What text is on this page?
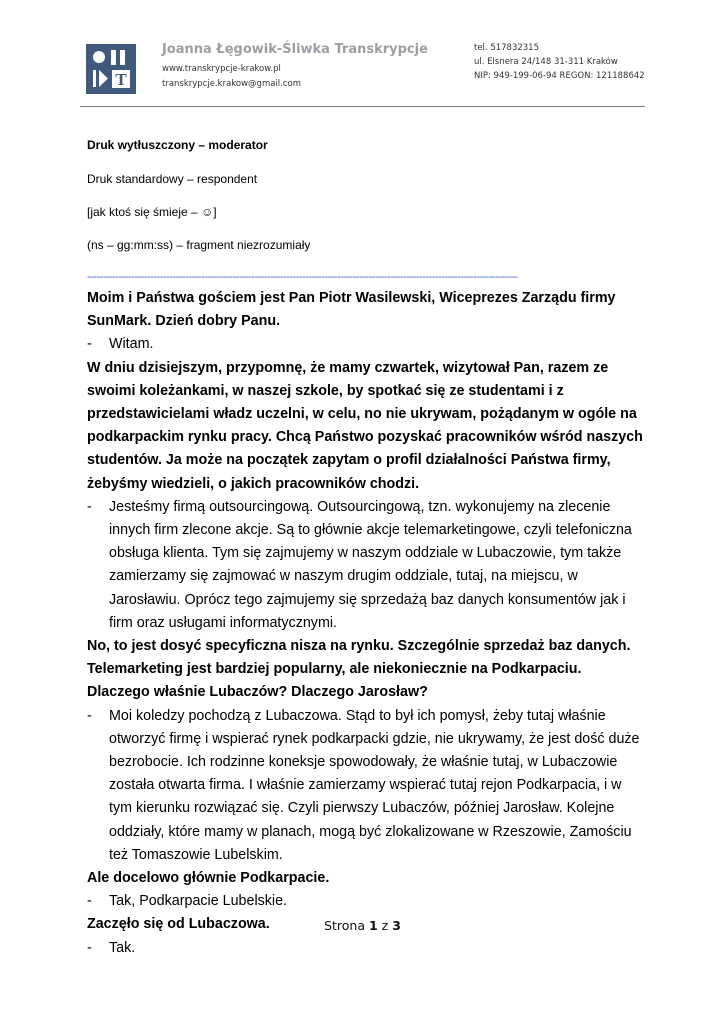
T
Joanna Łęgowik-Śliwka Transkrypcje
www.transkrypcje-krakow.pl
transkrypcje.krakow@gmail.com
tel. 517832315
ul. Elsnera 24/148 31-311 Kraków
NIP: 949-199-06-94 REGON: 121188642
Druk wytłuszczony – moderator
Druk standardowy – respondent
[jak ktoś się śmieje – ☺]
(ns – gg:mm:ss) – fragment niezrozumiały
----------------------------------------------------------------------------------------------------------------------------------------

Moim i Państwa gościem jest Pan Piotr Wasilewski, Wiceprezes Zarządu firmy SunMark. Dzień dobry Panu.

- Witam.

W dniu dzisiejszym, przypomnę, że mamy czwartek, wizytował Pan, razem ze swoimi koleżankami, w naszej szkole, by spotkać się ze studentami i z przedstawicielami władz uczelni, w celu, no nie ukrywam, pożądanym w ogóle na podkarpackim rynku pracy. Chcą Państwo pozyskać pracowników wśród naszych studentów. Ja może na początek zapytam o profil działalności Państwa firmy, żebyśmy wiedzieli, o jakich pracowników chodzi.

- Jesteśmy firmą outsourcingową. Outsourcingową, tzn. wykonujemy na zlecenie innych firm zlecone akcje. Są to głównie akcje telemarketingowe, czyli telefoniczna obsługa klienta. Tym się zajmujemy w naszym oddziale w Lubaczowie, tym także zamierzamy się zajmować w naszym drugim oddziale, tutaj, na miejscu, w Jarosławiu. Oprócz tego zajmujemy się sprzedażą baz danych konsumentów jak i firm oraz usługami informatycznymi.

No, to jest dosyć specyficzna nisza na rynku. Szczególnie sprzedaż baz danych. Telemarketing jest bardziej popularny, ale niekoniecznie na Podkarpaciu. Dlaczego właśnie Lubaczów? Dlaczego Jarosław?

- Moi koledzy pochodzą z Lubaczowa. Stąd to był ich pomysł, żeby tutaj właśnie otworzyć firmę i wspierać rynek podkarpacki gdzie, nie ukrywamy, że jest dość duże bezrobocie. Ich rodzinne koneksje spowodowały, że właśnie tutaj, w Lubaczowie została otwarta firma. I właśnie zamierzamy wspierać tutaj rejon Podkarpacia, i w tym kierunku rozwiązać się. Czyli pierwszy Lubaczów, później Jarosław. Kolejne oddziały, które mamy w planach, mogą być zlokalizowane w Rzeszowie, Zamościu też Tomaszowie Lubelskim.

Ale docelowo głównie Podkarpacie.

- Tak, Podkarpacie Lubelskie.

Zaczęło się od Lubaczowa.

- Tak.

Strona 1 z 3
